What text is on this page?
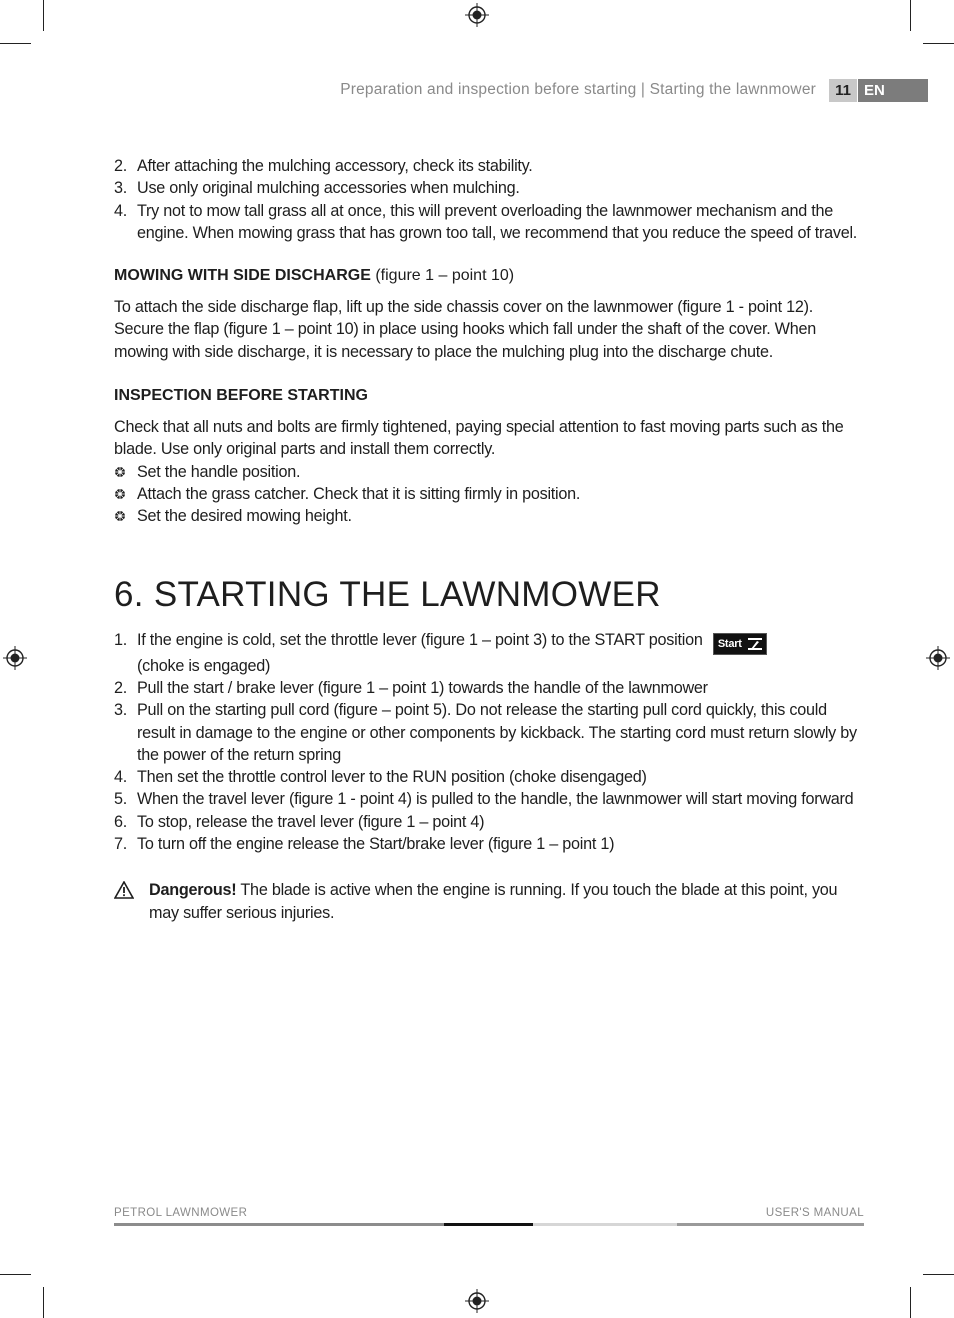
Preparation and inspection before starting | Starting the lawnmower	11 EN
2. After attaching the mulching accessory, check its stability.
3. Use only original mulching accessories when mulching.
4. Try not to mow tall grass all at once, this will prevent overloading the lawnmower mechanism and the engine. When mowing grass that has grown too tall, we recommend that you reduce the speed of travel.

MOWING WITH SIDE DISCHARGE (figure 1 – point 10)

To attach the side discharge flap, lift up the side chassis cover on the lawnmower (figure 1 - point 12). Secure the flap (figure 1 – point 10) in place using hooks which fall under the shaft of the cover. When mowing with side discharge, it is necessary to place the mulching plug into the discharge chute.

INSPECTION BEFORE STARTING

Check that all nuts and bolts are firmly tightened, paying special attention to fast moving parts such as the blade. Use only original parts and install them correctly.

Set the handle position.
Attach the grass catcher. Check that it is sitting firmly in position.
Set the desired mowing height.
6. STARTING THE LAWNMOWER
1. If the engine is cold, set the throttle lever (figure 1 – point 3) to the START position Start

(choke is engaged)
2. Pull the start / brake lever (figure 1 – point 1) towards the handle of the lawnmower
3. Pull on the starting pull cord (figure – point 5). Do not release the starting pull cord quickly, this could result in damage to the engine or other components by kickback. The starting cord must return slowly by the power of the return spring
4. Then set the throttle control lever to the RUN position (choke disengaged)
5. When the travel lever (figure 1 - point 4) is pulled to the handle, the lawnmower will start moving forward
6. To stop, release the travel lever (figure 1 – point 4)
7. To turn off the engine release the Start/brake lever (figure 1 – point 1)

Dangerous! The blade is active when the engine is running. If you touch the blade at this point, you may suffer serious injuries.

PETROL LAWNMOWER	USER'S MANUAL
